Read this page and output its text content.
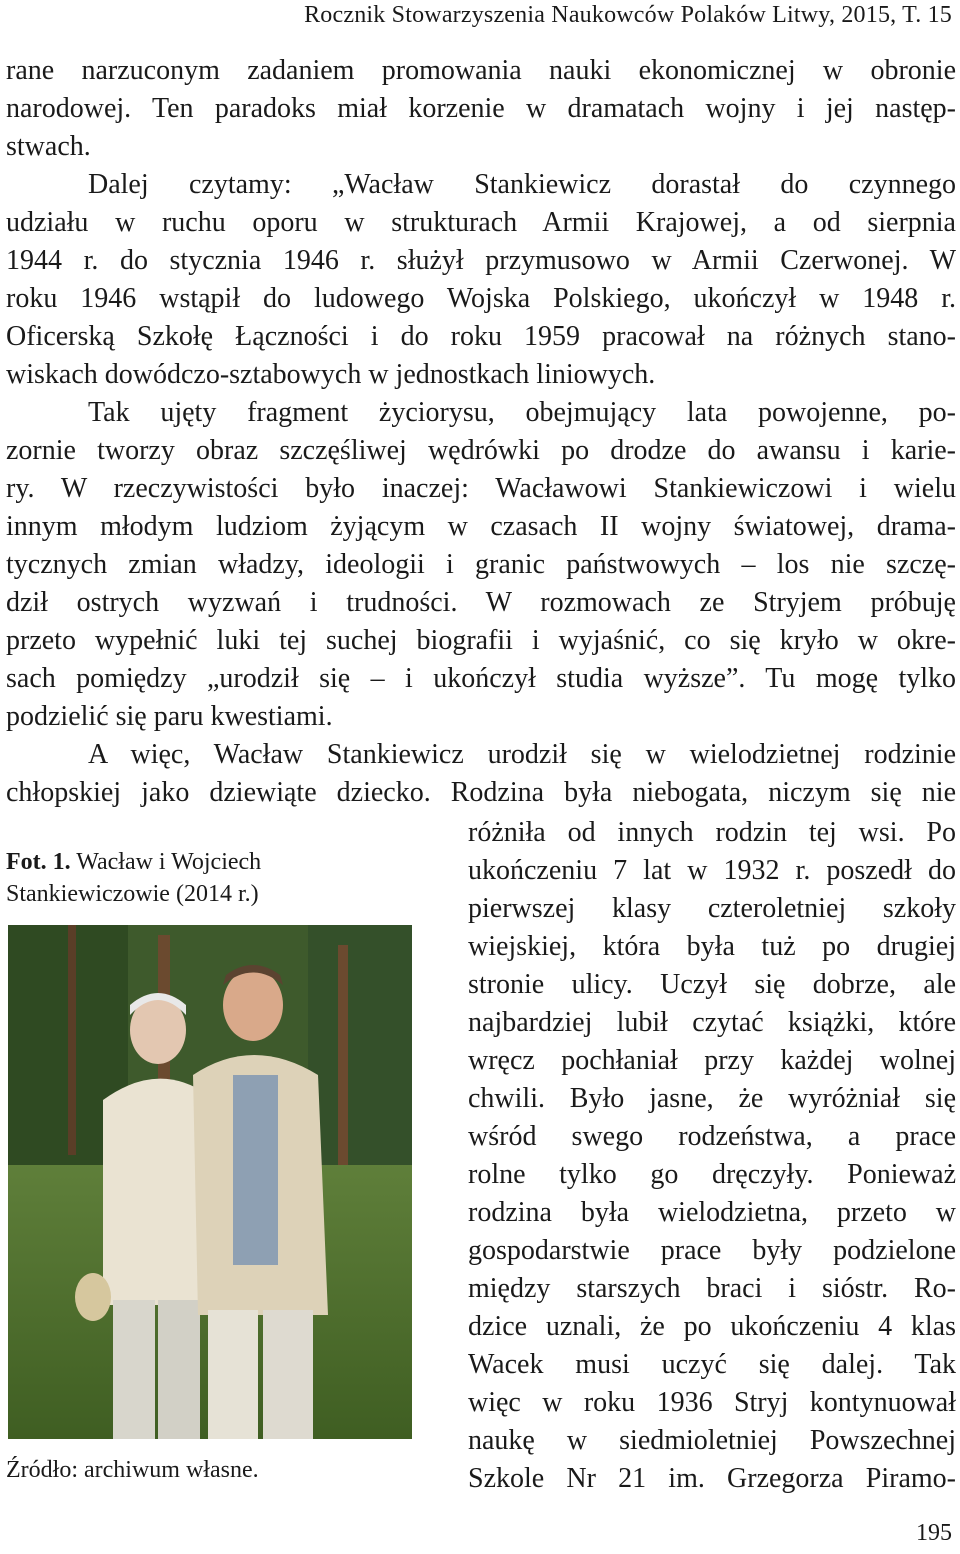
Rocznik Stowarzyszenia Naukowców Polaków Litwy, 2015, T. 15
rane narzuconym zadaniem promowania nauki ekonomicznej w obronie
narodowej. Ten paradoks miał korzenie w dramatach wojny i jej następ-
stwach.
Dalej czytamy: „Wacław Stankiewicz dorastał do czynnego
udziału w ruchu oporu w strukturach Armii Krajowej, a od sierpnia
1944 r. do stycznia 1946 r. służył przymusowo w Armii Czerwonej. W
roku 1946 wstąpił do ludowego Wojska Polskiego, ukończył w 1948 r.
Oficerską Szkołę Łączności i do roku 1959 pracował na różnych stano-
wiskach dowódczo-sztabowych w jednostkach liniowych.
Tak ujęty fragment życiorysu, obejmujący lata powojenne, po-
zornie tworzy obraz szczęśliwej wędrówki po drodze do awansu i karie-
ry. W rzeczywistości było inaczej: Wacławowi Stankiewiczowi i wielu
innym młodym ludziom żyjącym w czasach II wojny światowej, drama-
tycznych zmian władzy, ideologii i granic państwowych – los nie szczę-
dził ostrych wyzwań i trudności. W rozmowach ze Stryjem próbuję
przeto wypełnić luki tej suchej biografii i wyjaśnić, co się kryło w okre-
sach pomiędzy „urodził się – i ukończył studia wyższe”. Tu mogę tylko
podzielić się paru kwestiami.
A więc, Wacław Stankiewicz urodził się w wielodzietnej rodzinie
chłopskiej jako dziewiąte dziecko. Rodzina była niebogata, niczym się nie
różniła od innych rodzin tej wsi. Po
ukończeniu 7 lat w 1932 r. poszedł do
pierwszej klasy czteroletniej szkoły
wiejskiej, która była tuż po drugiej
stronie ulicy. Uczył się dobrze, ale
najbardziej lubił czytać książki, które
wręcz pochłaniał przy każdej wolnej
chwili. Było jasne, że wyróżniał się
wśród swego rodzeństwa, a prace
rolne tylko go dręczyły. Ponieważ
rodzina była wielodzietna, przeto w
gospodarstwie prace były podzielone
między starszych braci i sióstr. Ro-
dzice uznali, że po ukończeniu 4 klas
Wacek musi uczyć się dalej. Tak
więc w roku 1936 Stryj kontynuował
naukę w siedmioletniej Powszechnej
Szkole Nr 21 im. Grzegorza Piramo-
Fot. 1. Wacław i Wojciech Stankiewiczowie (2014 r.)
Źródło: archiwum własne.
195
